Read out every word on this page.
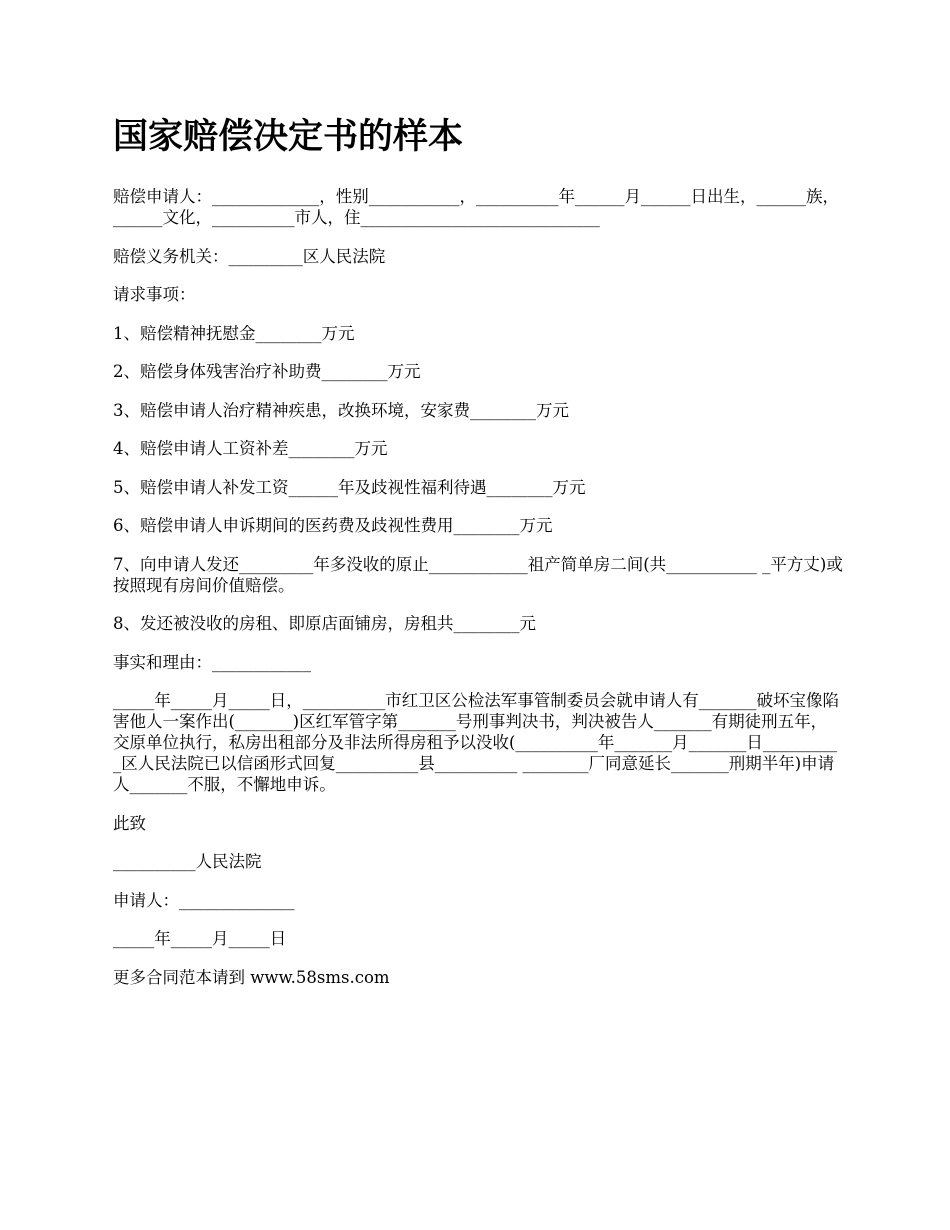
国家赔偿决定书的样本

赔偿申请人：_____________，性别___________，__________年______月______日出生，______族，______文化，__________市人，住_____________________________

赔偿义务机关：_________区人民法院

请求事项：

1、赔偿精神抚慰金________万元

2、赔偿身体残害治疗补助费________万元

3、赔偿申请人治疗精神疾患，改换环境，安家费________万元

4、赔偿申请人工资补差________万元

5、赔偿申请人补发工资______年及歧视性福利待遇________万元

6、赔偿申请人申诉期间的医药费及歧视性费用________万元

7、向申请人发还_________年多没收的原止____________祖产简单房二间(共___________ _平方丈)或按照现有房间价值赔偿。

8、发还被没收的房租、即原店面铺房，房租共________元

事实和理由：____________

_____年_____月_____日，__________市红卫区公检法军事管制委员会就申请人有_______破坏宝像陷害他人一案作出(_______)区红军管字第_______号刑事判决书，判决被告人_______有期徒刑五年，交原单位执行，私房出租部分及非法所得房租予以没收(__________年_______月_______日__________区人民法院已以信函形式回复__________县__________ ________厂同意延长_______刑期半年)申请人_______不服，不懈地申诉。

此致

__________人民法院

申请人：______________

_____年_____月_____日

更多合同范本请到 www.58sms.com
